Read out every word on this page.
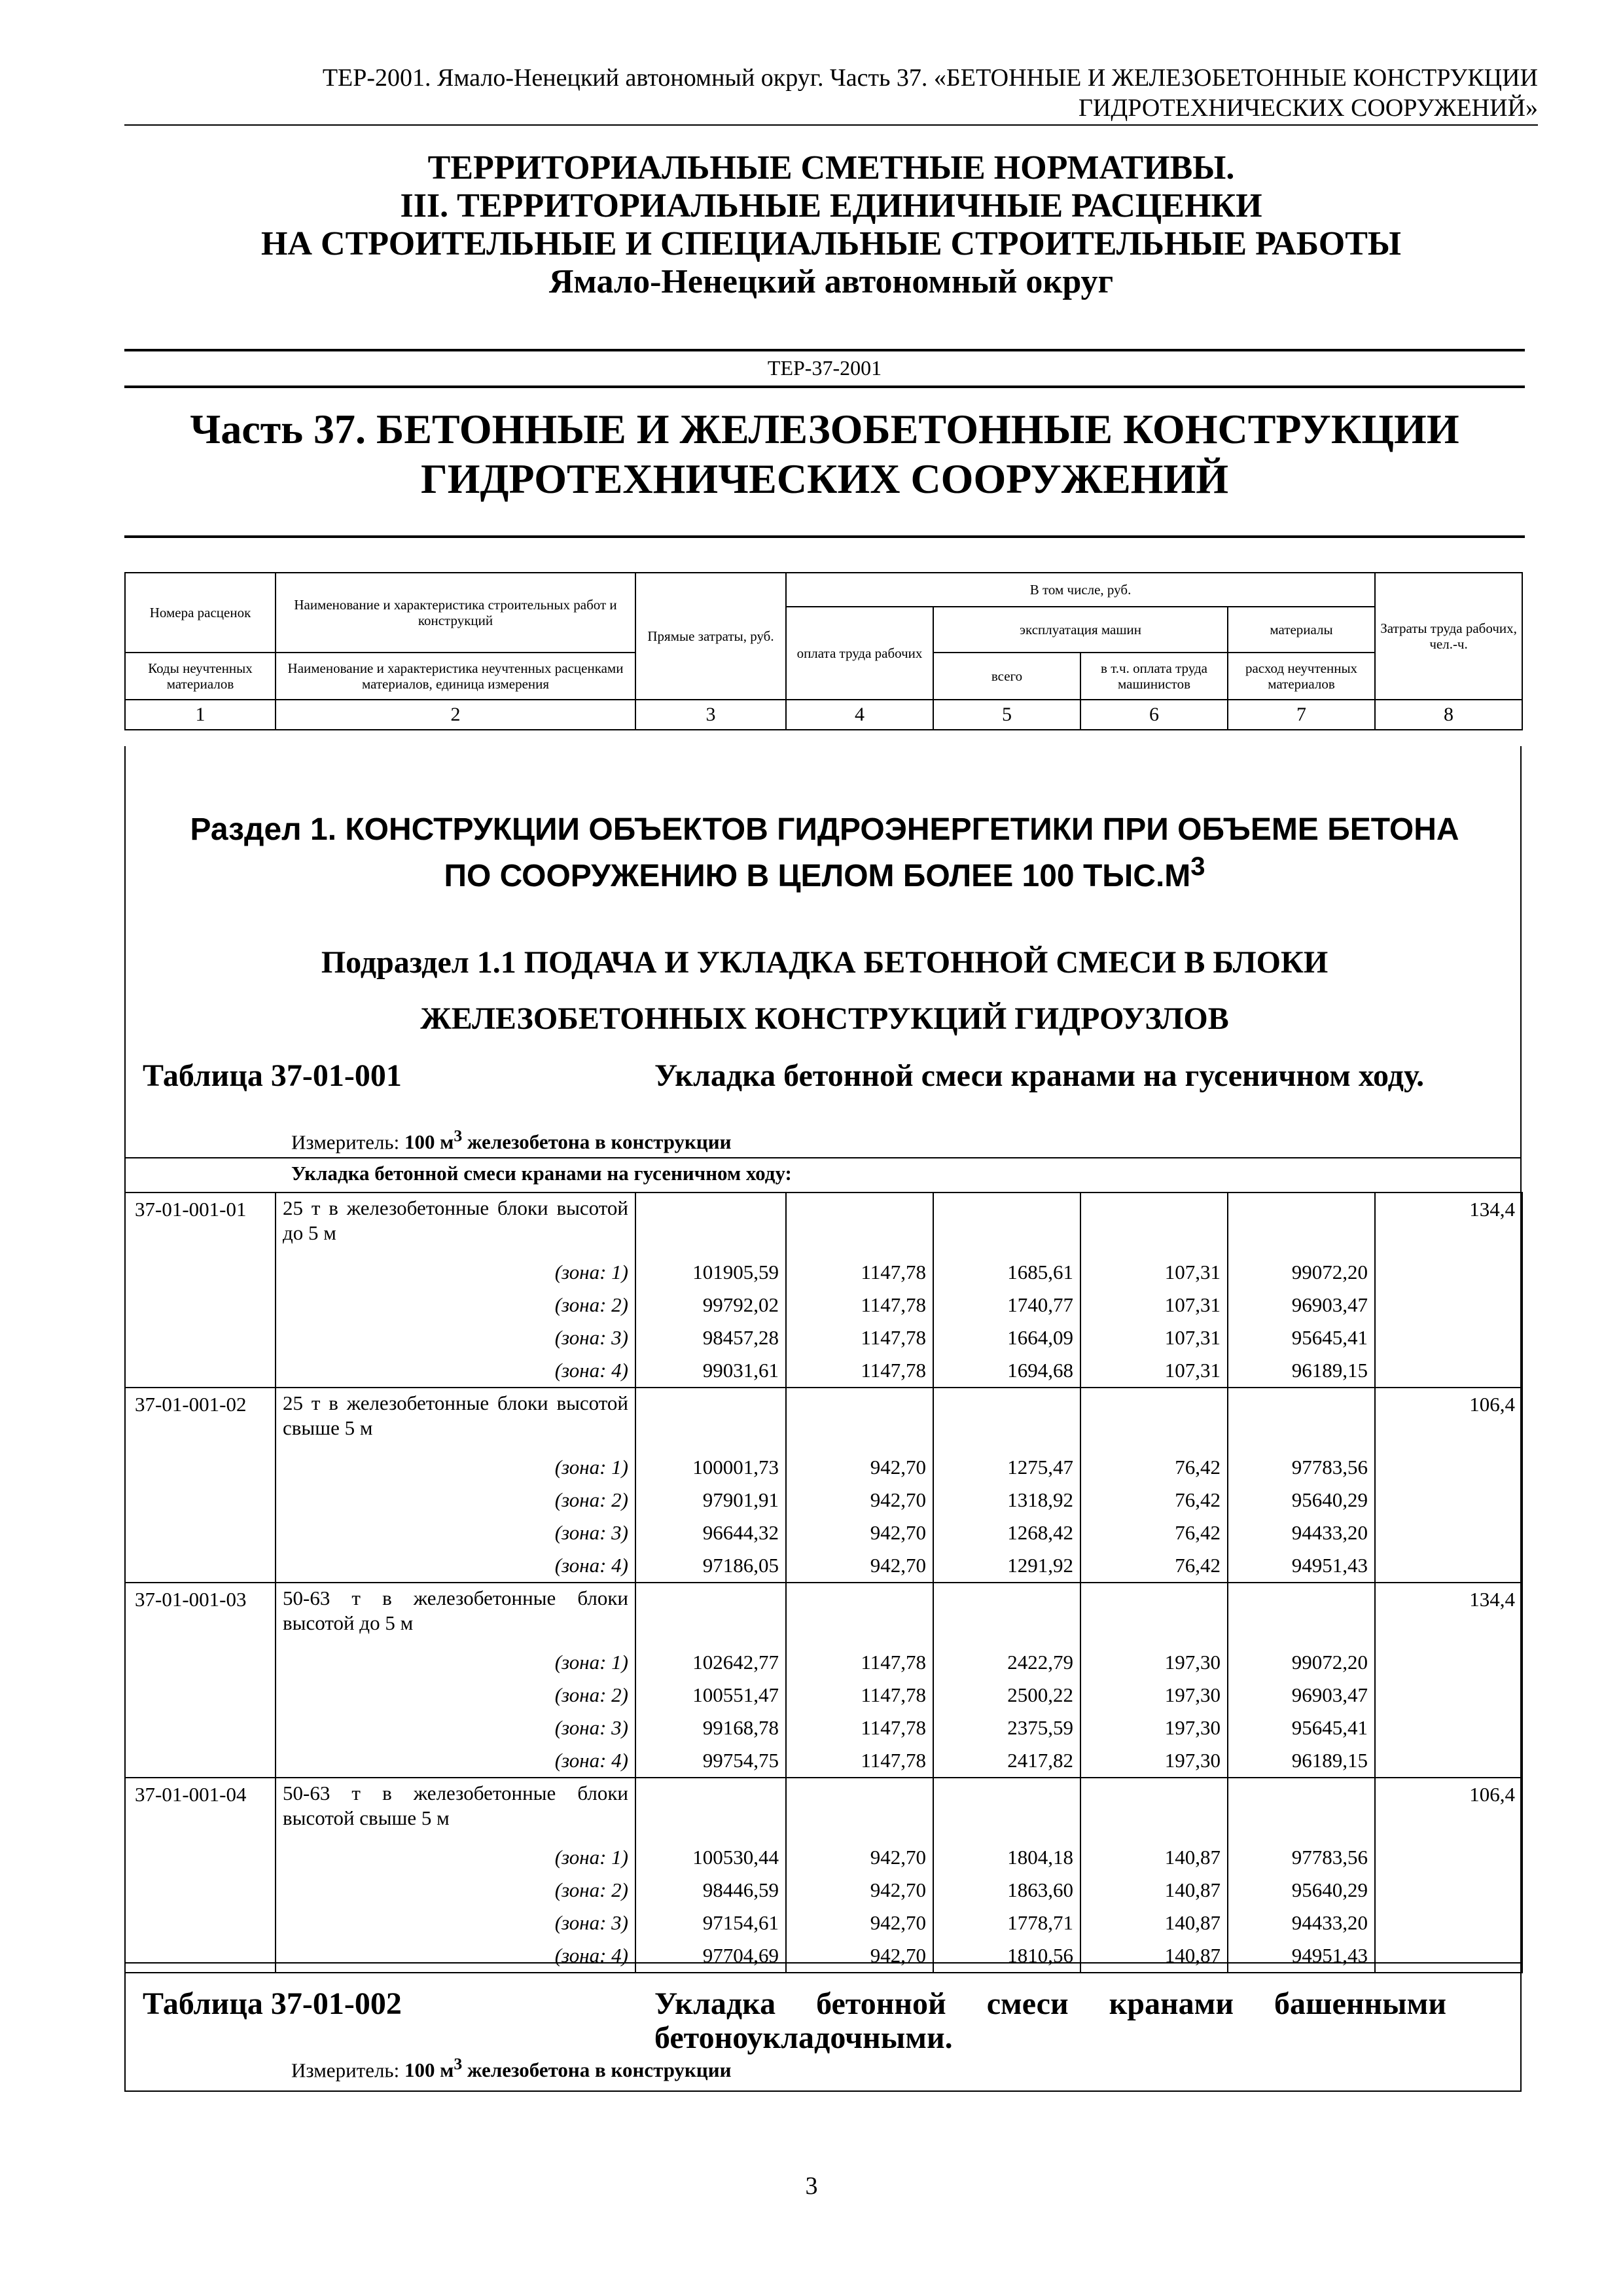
ТЕР-2001. Ямало-Ненецкий автономный округ. Часть 37. «БЕТОННЫЕ И ЖЕЛЕЗОБЕТОННЫЕ КОНСТРУКЦИИ
ГИДРОТЕХНИЧЕСКИХ СООРУЖЕНИЙ»
ТЕРРИТОРИАЛЬНЫЕ СМЕТНЫЕ НОРМАТИВЫ.
III. ТЕРРИТОРИАЛЬНЫЕ ЕДИНИЧНЫЕ РАСЦЕНКИ
НА СТРОИТЕЛЬНЫЕ И СПЕЦИАЛЬНЫЕ СТРОИТЕЛЬНЫЕ РАБОТЫ
Ямало-Ненецкий автономный округ
ТЕР-37-2001
Часть 37. БЕТОННЫЕ И ЖЕЛЕЗОБЕТОННЫЕ КОНСТРУКЦИИ
ГИДРОТЕХНИЧЕСКИХ СООРУЖЕНИЙ
Номера расценок	Наименование и характеристика строительных работ и конструкций	Прямые затраты, руб.	В том числе, руб.				Затраты труда рабочих, чел.-ч.
			оплата труда рабочих	эксплуатация машин		материалы	
Коды неучтенных материалов	Наименование и характеристика неучтенных расценками материалов, единица измерения			всего	в т.ч. оплата труда машинистов	расход неучтенных материалов	
1	2	3	4	5	6	7	8
Раздел 1. КОНСТРУКЦИИ ОБЪЕКТОВ ГИДРОЭНЕРГЕТИКИ ПРИ ОБЪЕМЕ БЕТОНА
ПО СООРУЖЕНИЮ В ЦЕЛОМ БОЛЕЕ 100 $ТЫС.М^3$
Подраздел 1.1 ПОДАЧА И УКЛАДКА БЕТОННОЙ СМЕСИ В БЛОКИ
ЖЕЛЕЗОБЕТОННЫХ КОНСТРУКЦИЙ ГИДРОУЗЛОВ
Таблица 37-01-001	Укладка бетонной смеси кранами на гусеничном ходу.
Измеритель: 100 $м^3$ железобетона в конструкции
Укладка бетонной смеси кранами на гусеничном ходу:
37-01-001-01	25 т в железобетонные блоки высотой до 5 м						134,4
	(зона: 1)	101905,59	1147,78	1685,61	107,31	99072,20	
	(зона: 2)	99792,02	1147,78	1740,77	107,31	96903,47	
	(зона: 3)	98457,28	1147,78	1664,09	107,31	95645,41	
	(зона: 4)	99031,61	1147,78	1694,68	107,31	96189,15	
37-01-001-02	25 т в железобетонные блоки высотой свыше 5 м						106,4
	(зона: 1)	100001,73	942,70	1275,47	76,42	97783,56	
	(зона: 2)	97901,91	942,70	1318,92	76,42	95640,29	
	(зона: 3)	96644,32	942,70	1268,42	76,42	94433,20	
	(зона: 4)	97186,05	942,70	1291,92	76,42	94951,43	
37-01-001-03	50-63 т в железобетонные блоки высотой до 5 м						134,4
	(зона: 1)	102642,77	1147,78	2422,79	197,30	99072,20	
	(зона: 2)	100551,47	1147,78	2500,22	197,30	96903,47	
	(зона: 3)	99168,78	1147,78	2375,59	197,30	95645,41	
	(зона: 4)	99754,75	1147,78	2417,82	197,30	96189,15	
37-01-001-04	50-63 т в железобетонные блоки высотой свыше 5 м						106,4
	(зона: 1)	100530,44	942,70	1804,18	140,87	97783,56	
	(зона: 2)	98446,59	942,70	1863,60	140,87	95640,29	
	(зона: 3)	97154,61	942,70	1778,71	140,87	94433,20	
	(зона: 4)	97704,69	942,70	1810,56	140,87	94951,43	
Таблица 37-01-002	Укладка бетонной смеси кранами башенными бетоноукладочными.
Измеритель: 100 $м^3$ железобетона в конструкции
3
